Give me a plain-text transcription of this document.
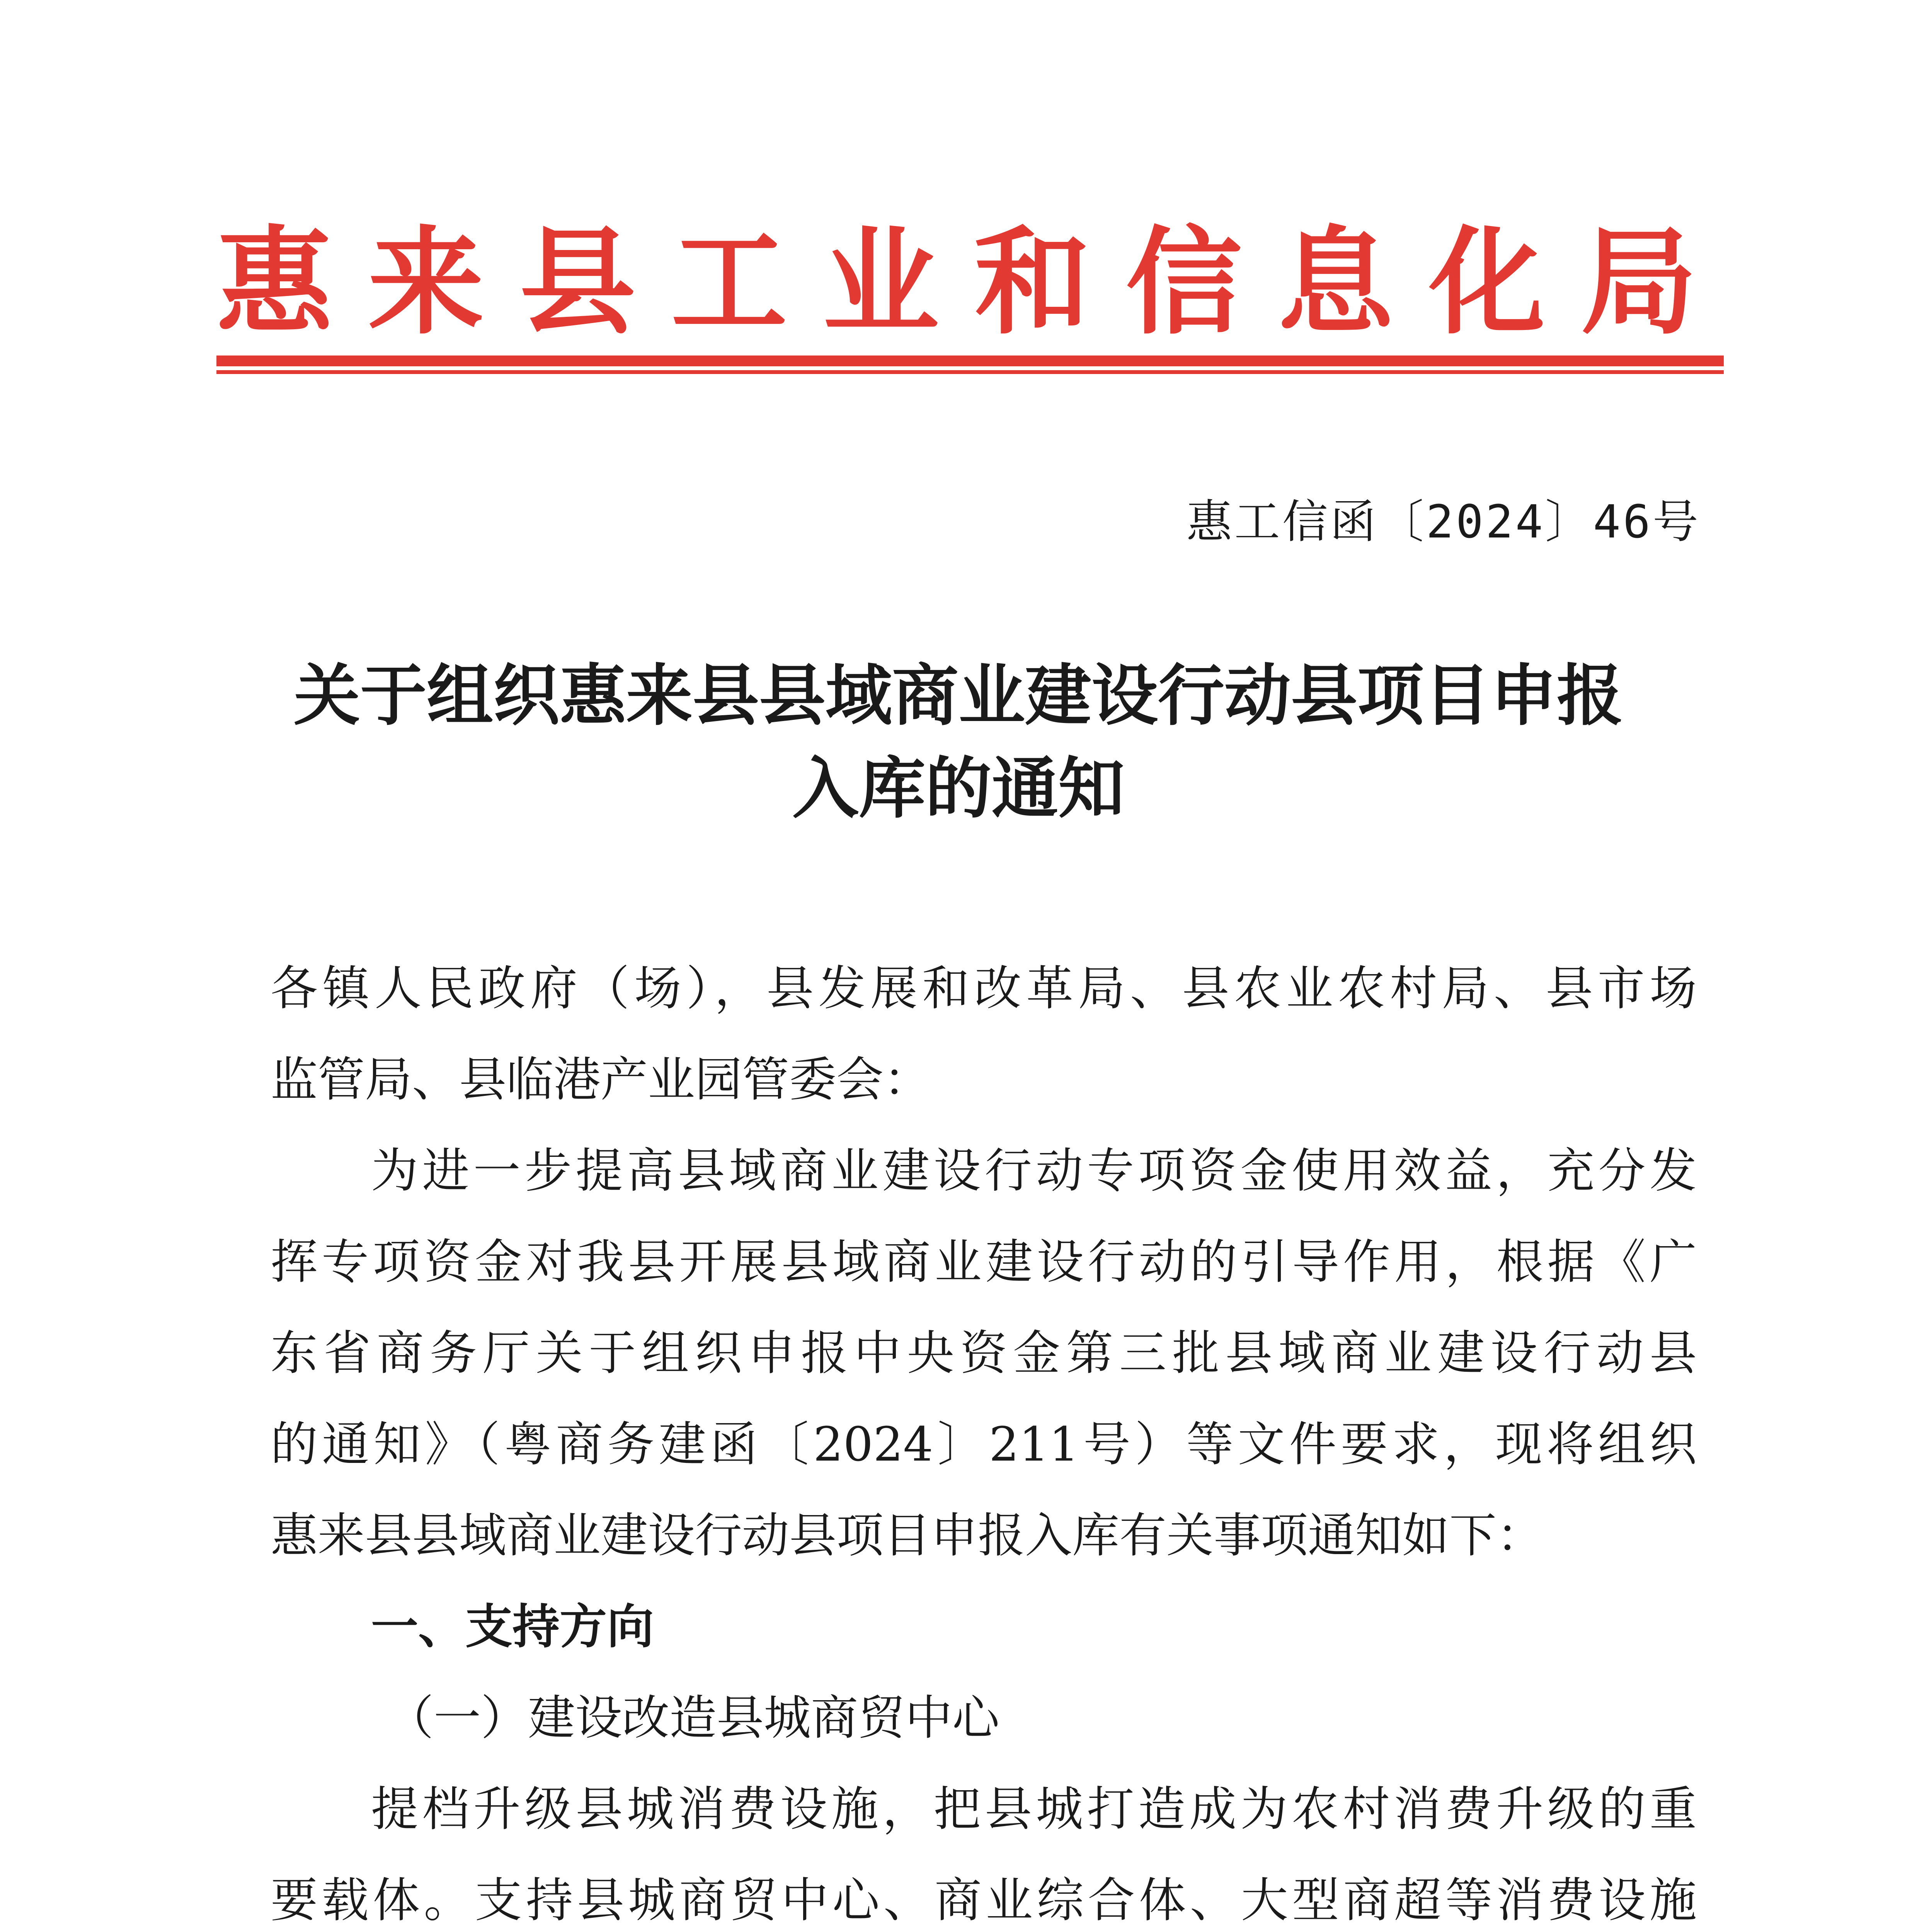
惠 来 县 工 业 和 信 息 化 局
惠工信函〔2024〕46号
关于组织惠来县县域商业建设行动县项目申报
入库的通知

各镇人民政府（场），县发展和改革局、县农业农村局、县市场
监管局、县临港产业园管委会：

为进一步提高县域商业建设行动专项资金使用效益，充分发
挥专项资金对我县开展县域商业建设行动的引导作用，根据《广
东省商务厅关于组织申报中央资金第三批县域商业建设行动县
的通知》（粤商务建函〔2024〕211号）等文件要求，现将组织
惠来县县域商业建设行动县项目申报入库有关事项通知如下：

一、支持方向
（一）建设改造县城商贸中心

提档升级县城消费设施，把县城打造成为农村消费升级的重
要载体。支持县城商贸中心、商业综合体、大型商超等消费设施
